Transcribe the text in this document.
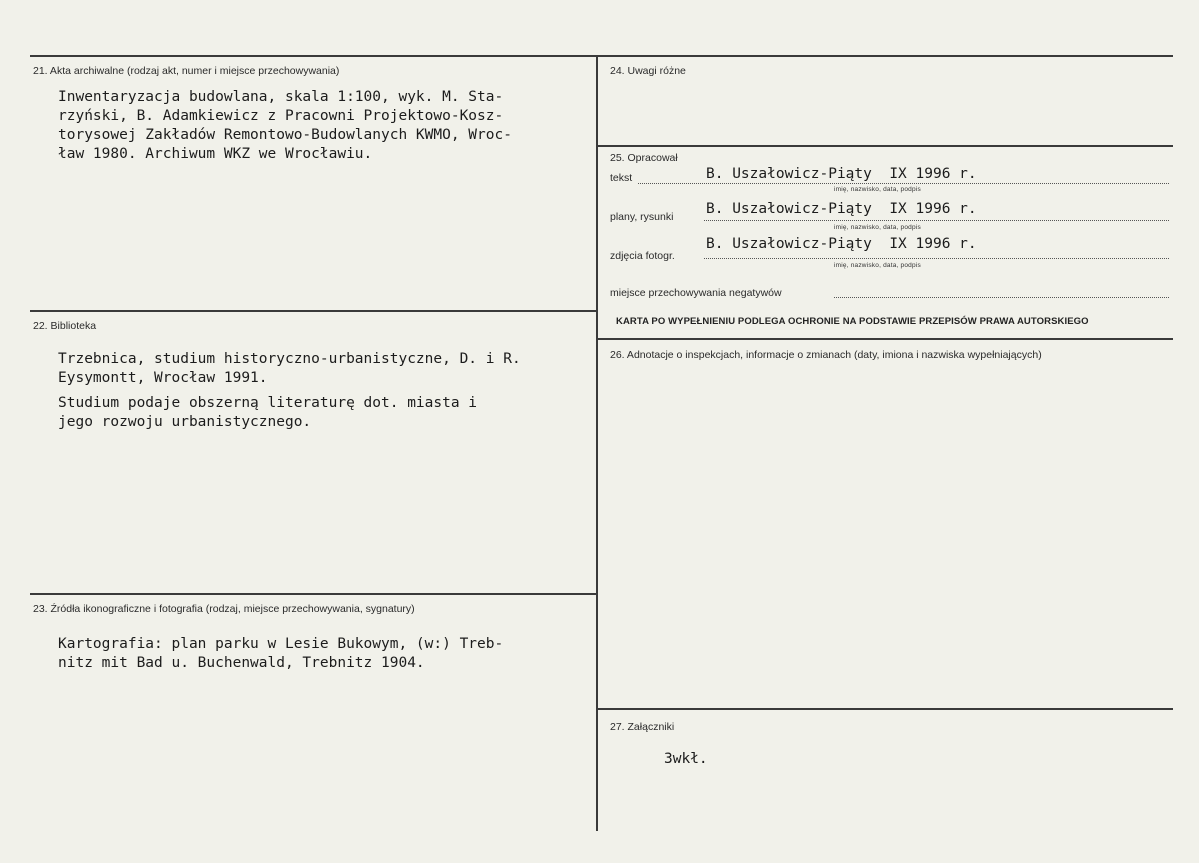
21. Akta archiwalne (rodzaj akt, numer i miejsce przechowywania)
Inwentaryzacja budowlana, skala 1:100, wyk. M. Sta-
rzyński, B. Adamkiewicz z Pracowni Projektowo-Kosz-
torysowej Zakładów Remontowo-Budowlanych KWMO, Wroc-
ław 1980. Archiwum WKZ we Wrocławiu.
22. Biblioteka
Trzebnica, studium historyczno-urbanistyczne, D. i R.
Eysymontt, Wrocław 1991.
Studium podaje obszerną literaturę dot. miasta i
jego rozwoju urbanistycznego.
23. Źródła ikonograficzne i fotografia (rodzaj, miejsce przechowywania, sygnatury)
Kartografia: plan parku w Lesie Bukowym, (w:) Treb-
nitz mit Bad u. Buchenwald, Trebnitz 1904.
24. Uwagi różne
25. Opracował
tekst	B. Uszałowicz-Piąty  IX 1996 r.
imię, nazwisko, data, podpis
plany, rysunki B. Uszałowicz-Piąty  IX 1996 r.
imię, nazwisko, data, podpis
zdjęcia fotogr.
B. Uszałowicz-Piąty  IX 1996 r.
imię, nazwisko, data, podpis
miejsce przechowywania negatywów
KARTA PO WYPEŁNIENIU PODLEGA OCHRONIE NA PODSTAWIE PRZEPISÓW PRAWA AUTORSKIEGO
26. Adnotacje o inspekcjach, informacje o zmianach (daty, imiona i nazwiska wypełniających)
27. Załączniki
3wkł.
